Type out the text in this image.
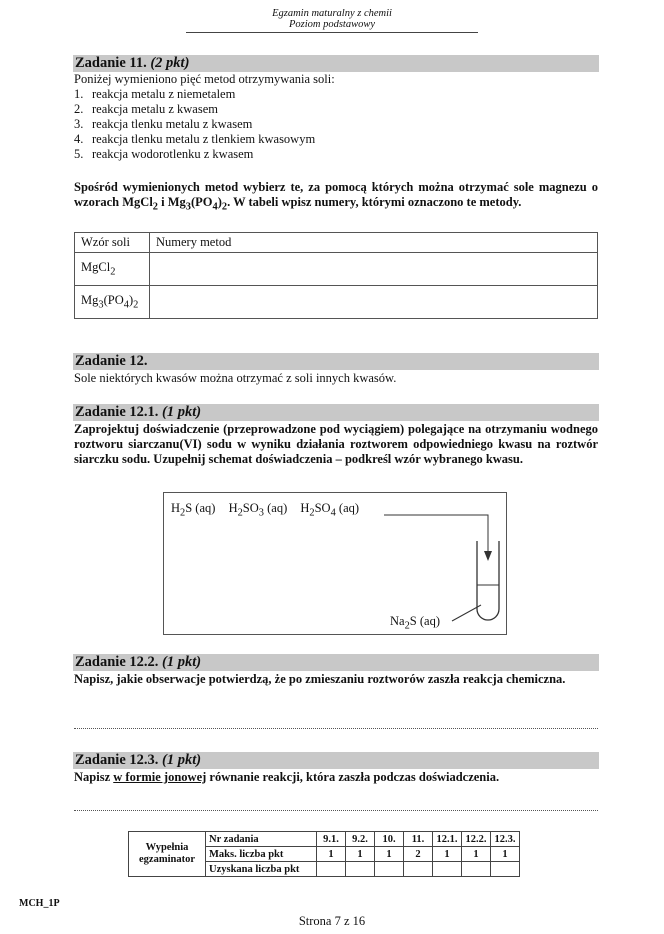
Egzamin maturalny z chemii
Poziom podstawowy
Zadanie 11. (2 pkt)
Poniżej wymieniono pięć metod otrzymywania soli:
1. reakcja metalu z niemetalem
2. reakcja metalu z kwasem
3. reakcja tlenku metalu z kwasem
4. reakcja tlenku metalu z tlenkiem kwasowym
5. reakcja wodorotlenku z kwasem
Spośród wymienionych metod wybierz te, za pomocą których można otrzymać sole magnezu o wzorach MgCl$_2$ i $Mg_3(PO_4)_2$. W tabeli wpisz numery, którymi oznaczono te metody.
Wzór soli	Numery metod
MgCl$_2$	
$Mg_3(PO_4)_2$	
Zadanie 12.
Sole niektórych kwasów można otrzymać z soli innych kwasów.
Zadanie 12.1. (1 pkt)
Zaprojektuj doświadczenie (przeprowadzone pod wyciągiem) polegające na otrzymaniu wodnego roztworu siarczanu(VI) sodu w wyniku działania roztworem odpowiedniego kwasu na roztwór siarczku sodu. Uzupełnij schemat doświadczenia – podkreśl wzór wybranego kwasu.
$H_2S$ (aq) $H_2SO_3$ (aq) $H_2SO_4$ (aq)
$Na_2S$ (aq)
Zadanie 12.2. (1 pkt)
Napisz, jakie obserwacje potwierdzą, że po zmieszaniu roztworów zaszła reakcja chemiczna.
Zadanie 12.3. (1 pkt)
Napisz w formie jonowej równanie reakcji, która zaszła podczas doświadczenia.
Wypełnia
egzaminator	Nr zadania	9.1.	9.2.	10.	11.	12.1.	12.2.	12.3.
	Maks. liczba pkt	1	1	1	2	1	1	1
	Uzyskana liczba pkt							
MCH_1P
Strona 7 z 16
